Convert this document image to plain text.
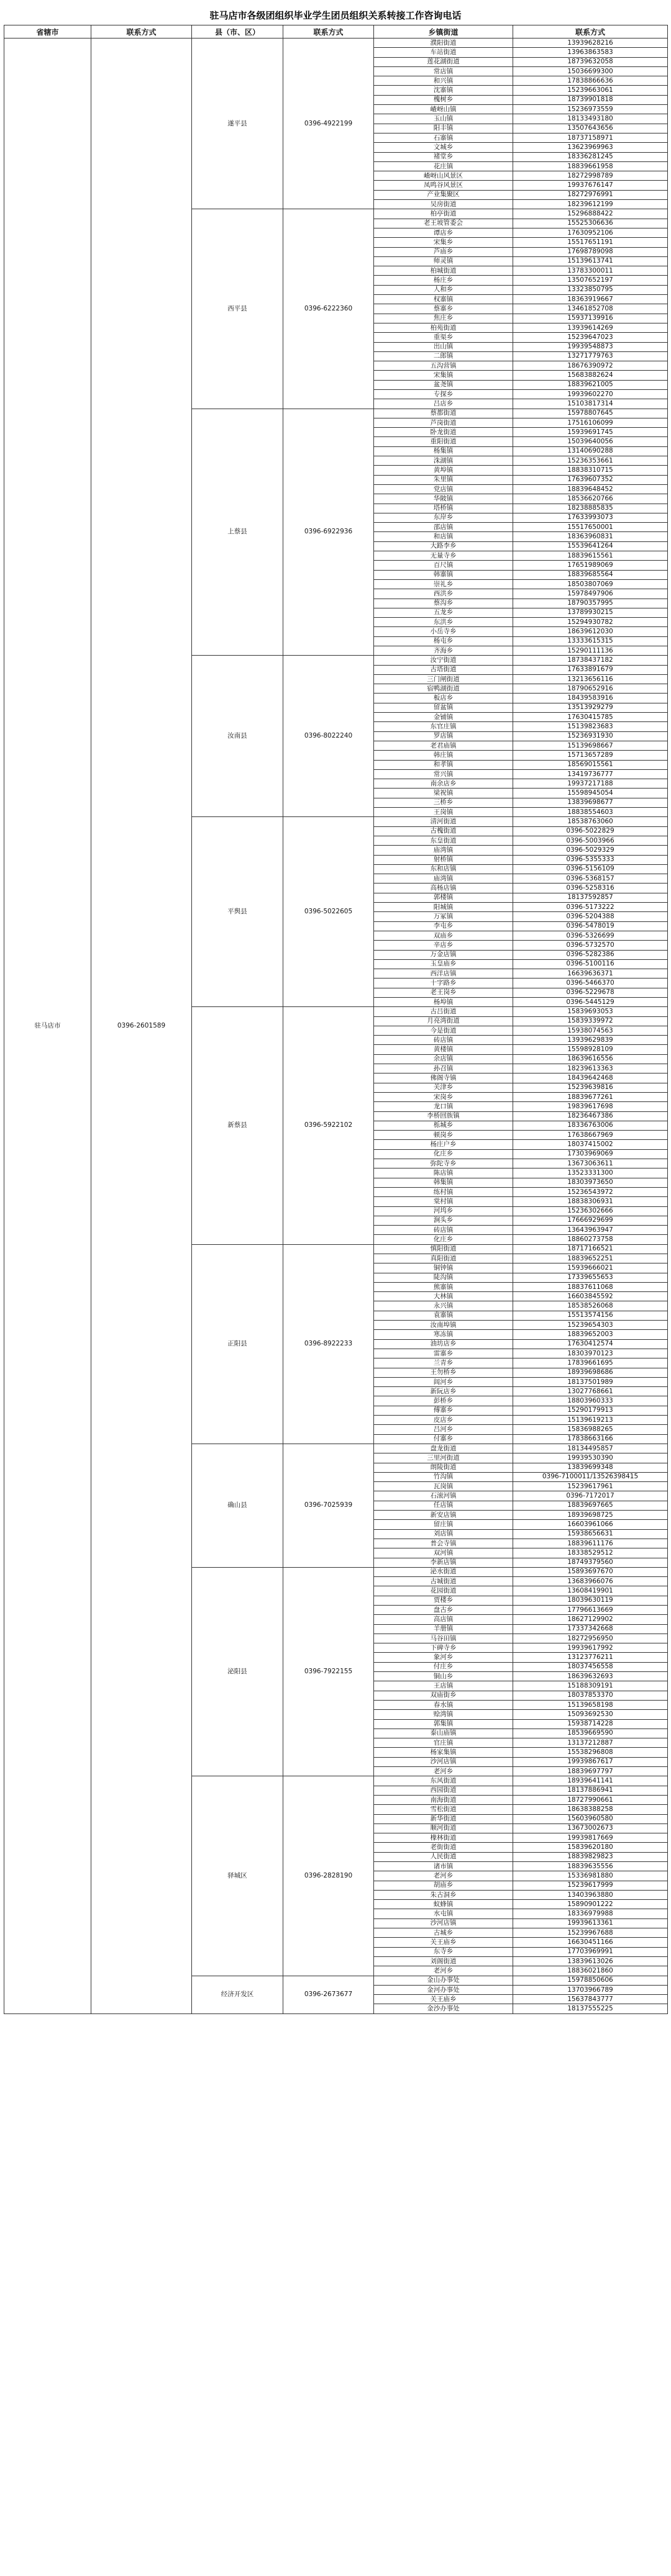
驻马店市各级团组织毕业学生团员组织关系转接工作咨询电话
省辖市	联系方式	县（市、区）	联系方式	乡镇街道	联系方式
驻马店市	0396-2601589	遂平县	0396-4922199	濮阳街道	13939628216
				车站街道	13963863583
				莲花湖街道	18739632058
				常店镇	15036699300
				和兴镇	17838866636
				沈寨镇	15239663061
				槐树乡	18739901818
				嵖岈山镇	15236973559
				玉山镇	18133493180
				阳丰镇	13507643656
				石寨镇	18737158971
				文城乡	13623969963
				褚堂乡	18336281245
				花庄镇	18839661958
				嵖岈山风景区	18272998789
				凤鸣谷风景区	19937676147
				产业集聚区	18272976991
				吴房街道	18239612199
		西平县	0396-6222360	柏亭街道	15296888422
				老王坡管委会	15525306636
				谭店乡	17630952106
				宋集乡	15517651191
				芦庙乡	17698789098
				师灵镇	15139613741
				柏城街道	13783300011
				杨庄乡	13507652197
				人和乡	13323850795
				权寨镇	18363919667
				蔡寨乡	13461852708
				焦庄乡	15937139916
				柏苑街道	13939614269
				重渠乡	15239647023
				出山镇	19939548873
				二郎镇	13271779763
				五沟营镇	18676390972
				宋集镇	15683882624
				盆尧镇	18839621005
				专探乡	19939602270
				吕店乡	15103817314
		上蔡县	0396-6922936	蔡都街道	15978807645
				芦岗街道	17516106099
				卧龙街道	15939691745
				重阳街道	15039640056
				杨集镇	13140690288
				洙湖镇	15236353661
				黄埠镇	18838310715
				朱里镇	17639607352
				党店镇	18839648452
				华陂镇	18536620766
				塔桥镇	18238885835
				东岸乡	17633993073
				邵店镇	15517650001
				和店镇	18363960831
				大路李乡	15539641264
				无量寺乡	18839615561
				百尺镇	17651989069
				韩寨镇	18839685564
				崇礼乡	18503807069
				西洪乡	15978497906
				蔡沟乡	18790357995
				五龙乡	13789930215
				东洪乡	15294930782
				小岳寺乡	18639612030
				杨屯乡	13333615315
				齐海乡	15290111136
		汝南县	0396-8022240	汝宁街道	18738437182
				古塔街道	17633891679
				三门闸街道	13213656116
				宿鸭湖街道	18790652916
				板店乡	18439583916
				留盆镇	13513929279
				金铺镇	17630415785
				东官庄镇	15139823683
				罗店镇	15236931930
				老君庙镇	15139698667
				韩庄镇	15713657289
				和孝镇	18569015561
				常兴镇	13419736777
				南余店乡	19937217188
				梁祝镇	15598945054
				三桥乡	13839698677
				王岗镇	18838554603
		平舆县	0396-5022605	清河街道	18538763060
				古槐街道	0396-5022829
				东皇街道	0396-5003966
				庙湾镇	0396-5029329
				射桥镇	0396-5355333
				东和店镇	0396-5156109
				庙湾镇	0396-5368157
				高杨店镇	0396-5258316
				郭楼镇	18137592857
				阳城镇	0396-5173222
				万冢镇	0396-5204388
				李屯乡	0396-5478019
				双庙乡	0396-5326699
				辛店乡	0396-5732570
				万金店镇	0396-5282386
				玉皇庙乡	0396-5100116
				西洋店镇	16639636371
				十字路乡	0396-5466370
				老王岗乡	0396-5229678
				杨埠镇	0396-5445129
		新蔡县	0396-5922102	古吕街道	15839693053
				月亮湾街道	15839339972
				今是街道	15938074563
				砖店镇	13939629839
				黄楼镇	15598928109
				余店镇	18639616556
				孙召镇	18239613363
				佛阁寺镇	18439642468
				关津乡	15239639816
				宋岗乡	18839677261
				龙口镇	19839617698
				李桥回族镇	18236467386
				栎城乡	18336763006
				顿岗乡	17638667969
				杨庄户乡	18037415002
				化庄乡	17303969069
				弥陀寺乡	13673063611
				陈店镇	13523331300
				韩集镇	18303973650
				练村镇	15236543972
				棠村镇	18838306931
				河坞乡	15236302666
				涧头乡	17666929699
				砖店镇	13643963947
				化庄乡	18860273758
		正阳县	0396-8922233	慎阳街道	18717166521
				真阳街道	18839652251
				铜钟镇	15939666021
				陡沟镇	17339655653
				熊寨镇	18837611068
				大林镇	16603845592
				永兴镇	18538526068
				袁寨镇	15513574156
				汝南埠镇	15239654303
				寒冻镇	18839652003
				油坊店乡	17630412574
				雷寨乡	18303970123
				兰青乡	17839661695
				王勿桥乡	18939698686
				闾河乡	18137501989
				新阮店乡	13027768661
				彭桥乡	18803960333
				傅寨乡	15290179913
				皮店乡	15139619213
				吕河乡	15836988265
				付寨乡	17838663166
		确山县	0396-7025939	盘龙街道	18134495857
				三里河街道	19939530390
				朗陵街道	13839699348
				竹沟镇	0396-7100011/13526398415
				瓦岗镇	15239617961
				石滚河镇	0396-7172017
				任店镇	18839697665
				新安店镇	18939698725
				留庄镇	16603961066
				刘店镇	15938656631
				普会寺镇	18839611176
				双河镇	18338529512
				李新店镇	18749379560
		泌阳县	0396-7922155	泌水街道	15893697670
				古城街道	13683966076
				花园街道	13608419901
				贾楼乡	18039630119
				盘古乡	17796613669
				高店镇	18627129902
				羊册镇	17337342668
				马谷田镇	18272956950
				下碑寺乡	19939617992
				象河乡	13123776211
				付庄乡	18037456558
				铜山乡	18639632693
				王店镇	15188309191
				双庙街乡	18037853370
				春水镇	15139658198
				赊湾镇	15093692530
				郭集镇	15938714228
				泰山庙镇	18539669590
				官庄镇	13137212887
				杨家集镇	15538296808
				沙河店镇	19939867617
				老河乡	18839697797
		驿城区	0396-2828190	东风街道	18939641141
				西园街道	18137886941
				南海街道	18727990661
				雪松街道	18638388258
				新华街道	15603960580
				顺河街道	13673002673
				橡林街道	19939817669
				老街街道	15839620180
				人民街道	18839829823
				诸市镇	18839635556
				老河乡	15336981880
				胡庙乡	15239617999
				朱古洞乡	13403963880
				蚁蜂镇	15890901222
				水屯镇	18336979988
				沙河店镇	19939613361
				古城乡	15239967688
				关王庙乡	16630451166
				东寺乡	17703969991
				刘阁街道	13839613026
				老河乡	18836021860
		经济开发区	0396-2673677	金山办事处	15978850606
				金河办事处	13703966789
				关王庙乡	15637843777
				金沙办事处	18137555225
